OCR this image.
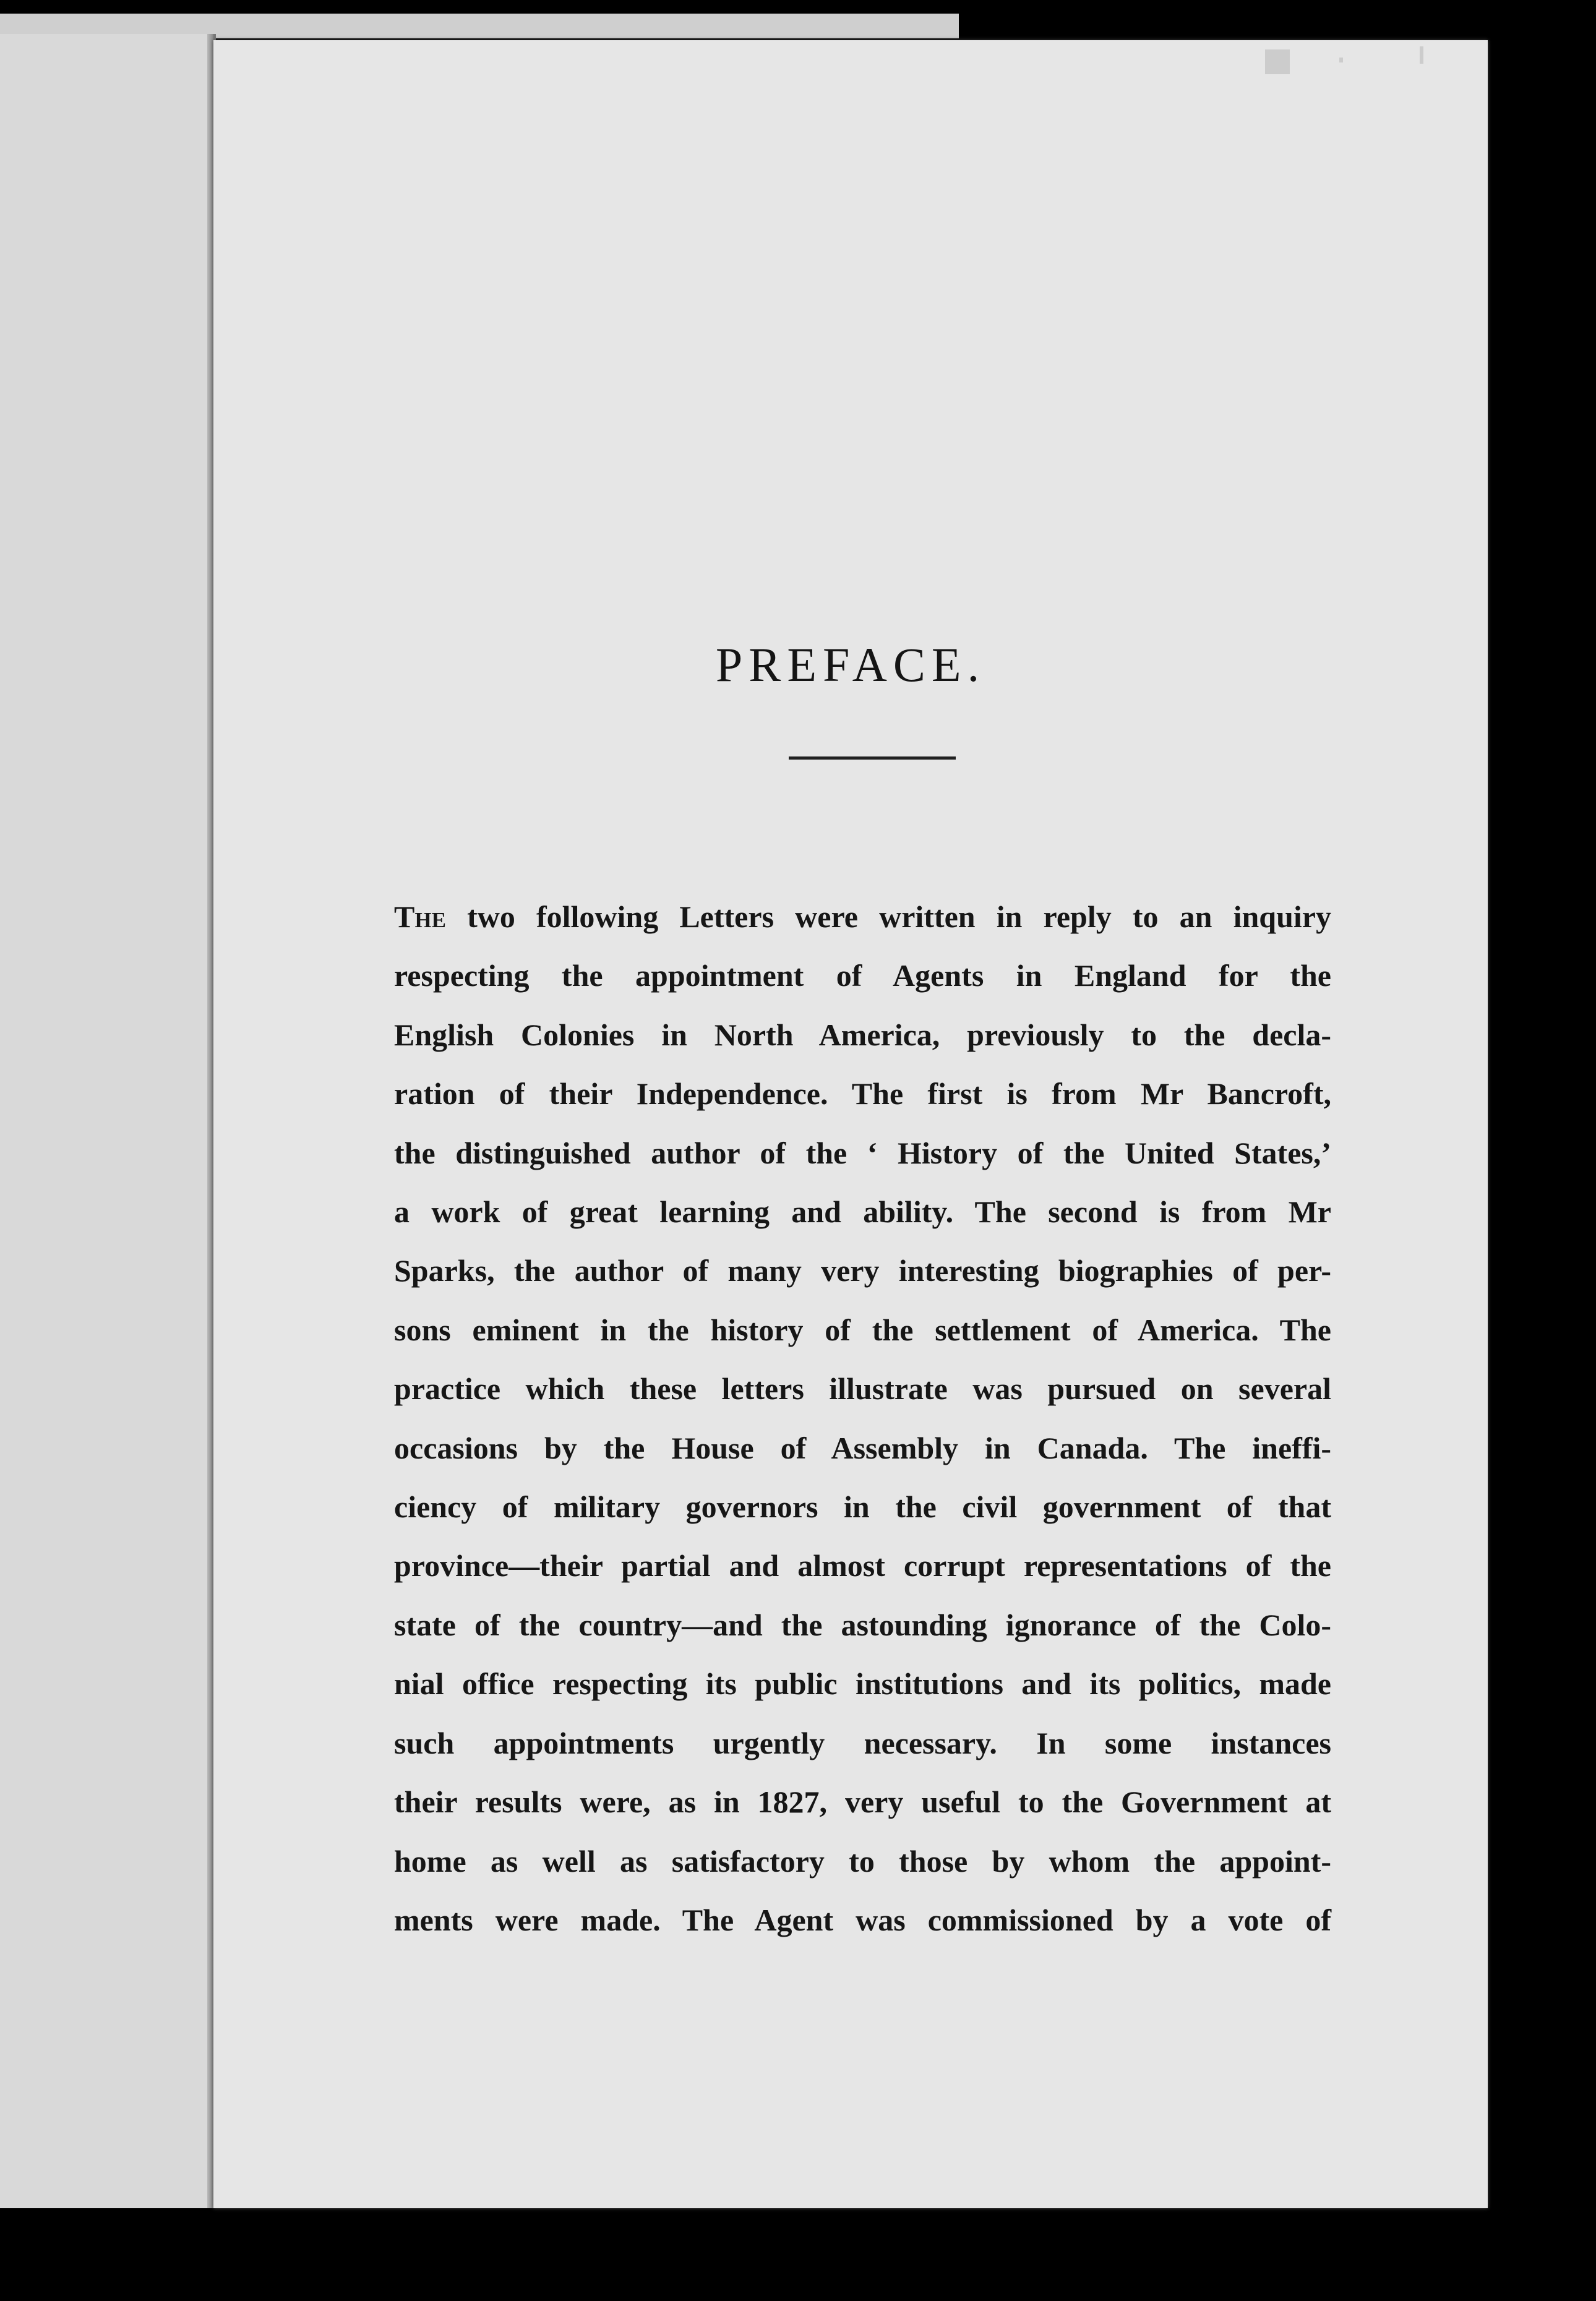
PREFACE.
The two following Letters were written in reply to an inquiry
respecting the appointment of Agents in England for the
English Colonies in North America, previously to the decla-
ration of their Independence. The first is from Mr Bancroft,
the distinguished author of the ‘ History of the United States,’
a work of great learning and ability. The second is from Mr
Sparks, the author of many very interesting biographies of per-
sons eminent in the history of the settlement of America. The
practice which these letters illustrate was pursued on several
occasions by the House of Assembly in Canada. The ineffi-
ciency of military governors in the civil government of that
province—their partial and almost corrupt representations of the
state of the country—and the astounding ignorance of the Colo-
nial office respecting its public institutions and its politics, made
such appointments urgently necessary. In some instances
their results were, as in 1827, very useful to the Government at
home as well as satisfactory to those by whom the appoint-
ments were made. The Agent was commissioned by a vote of
